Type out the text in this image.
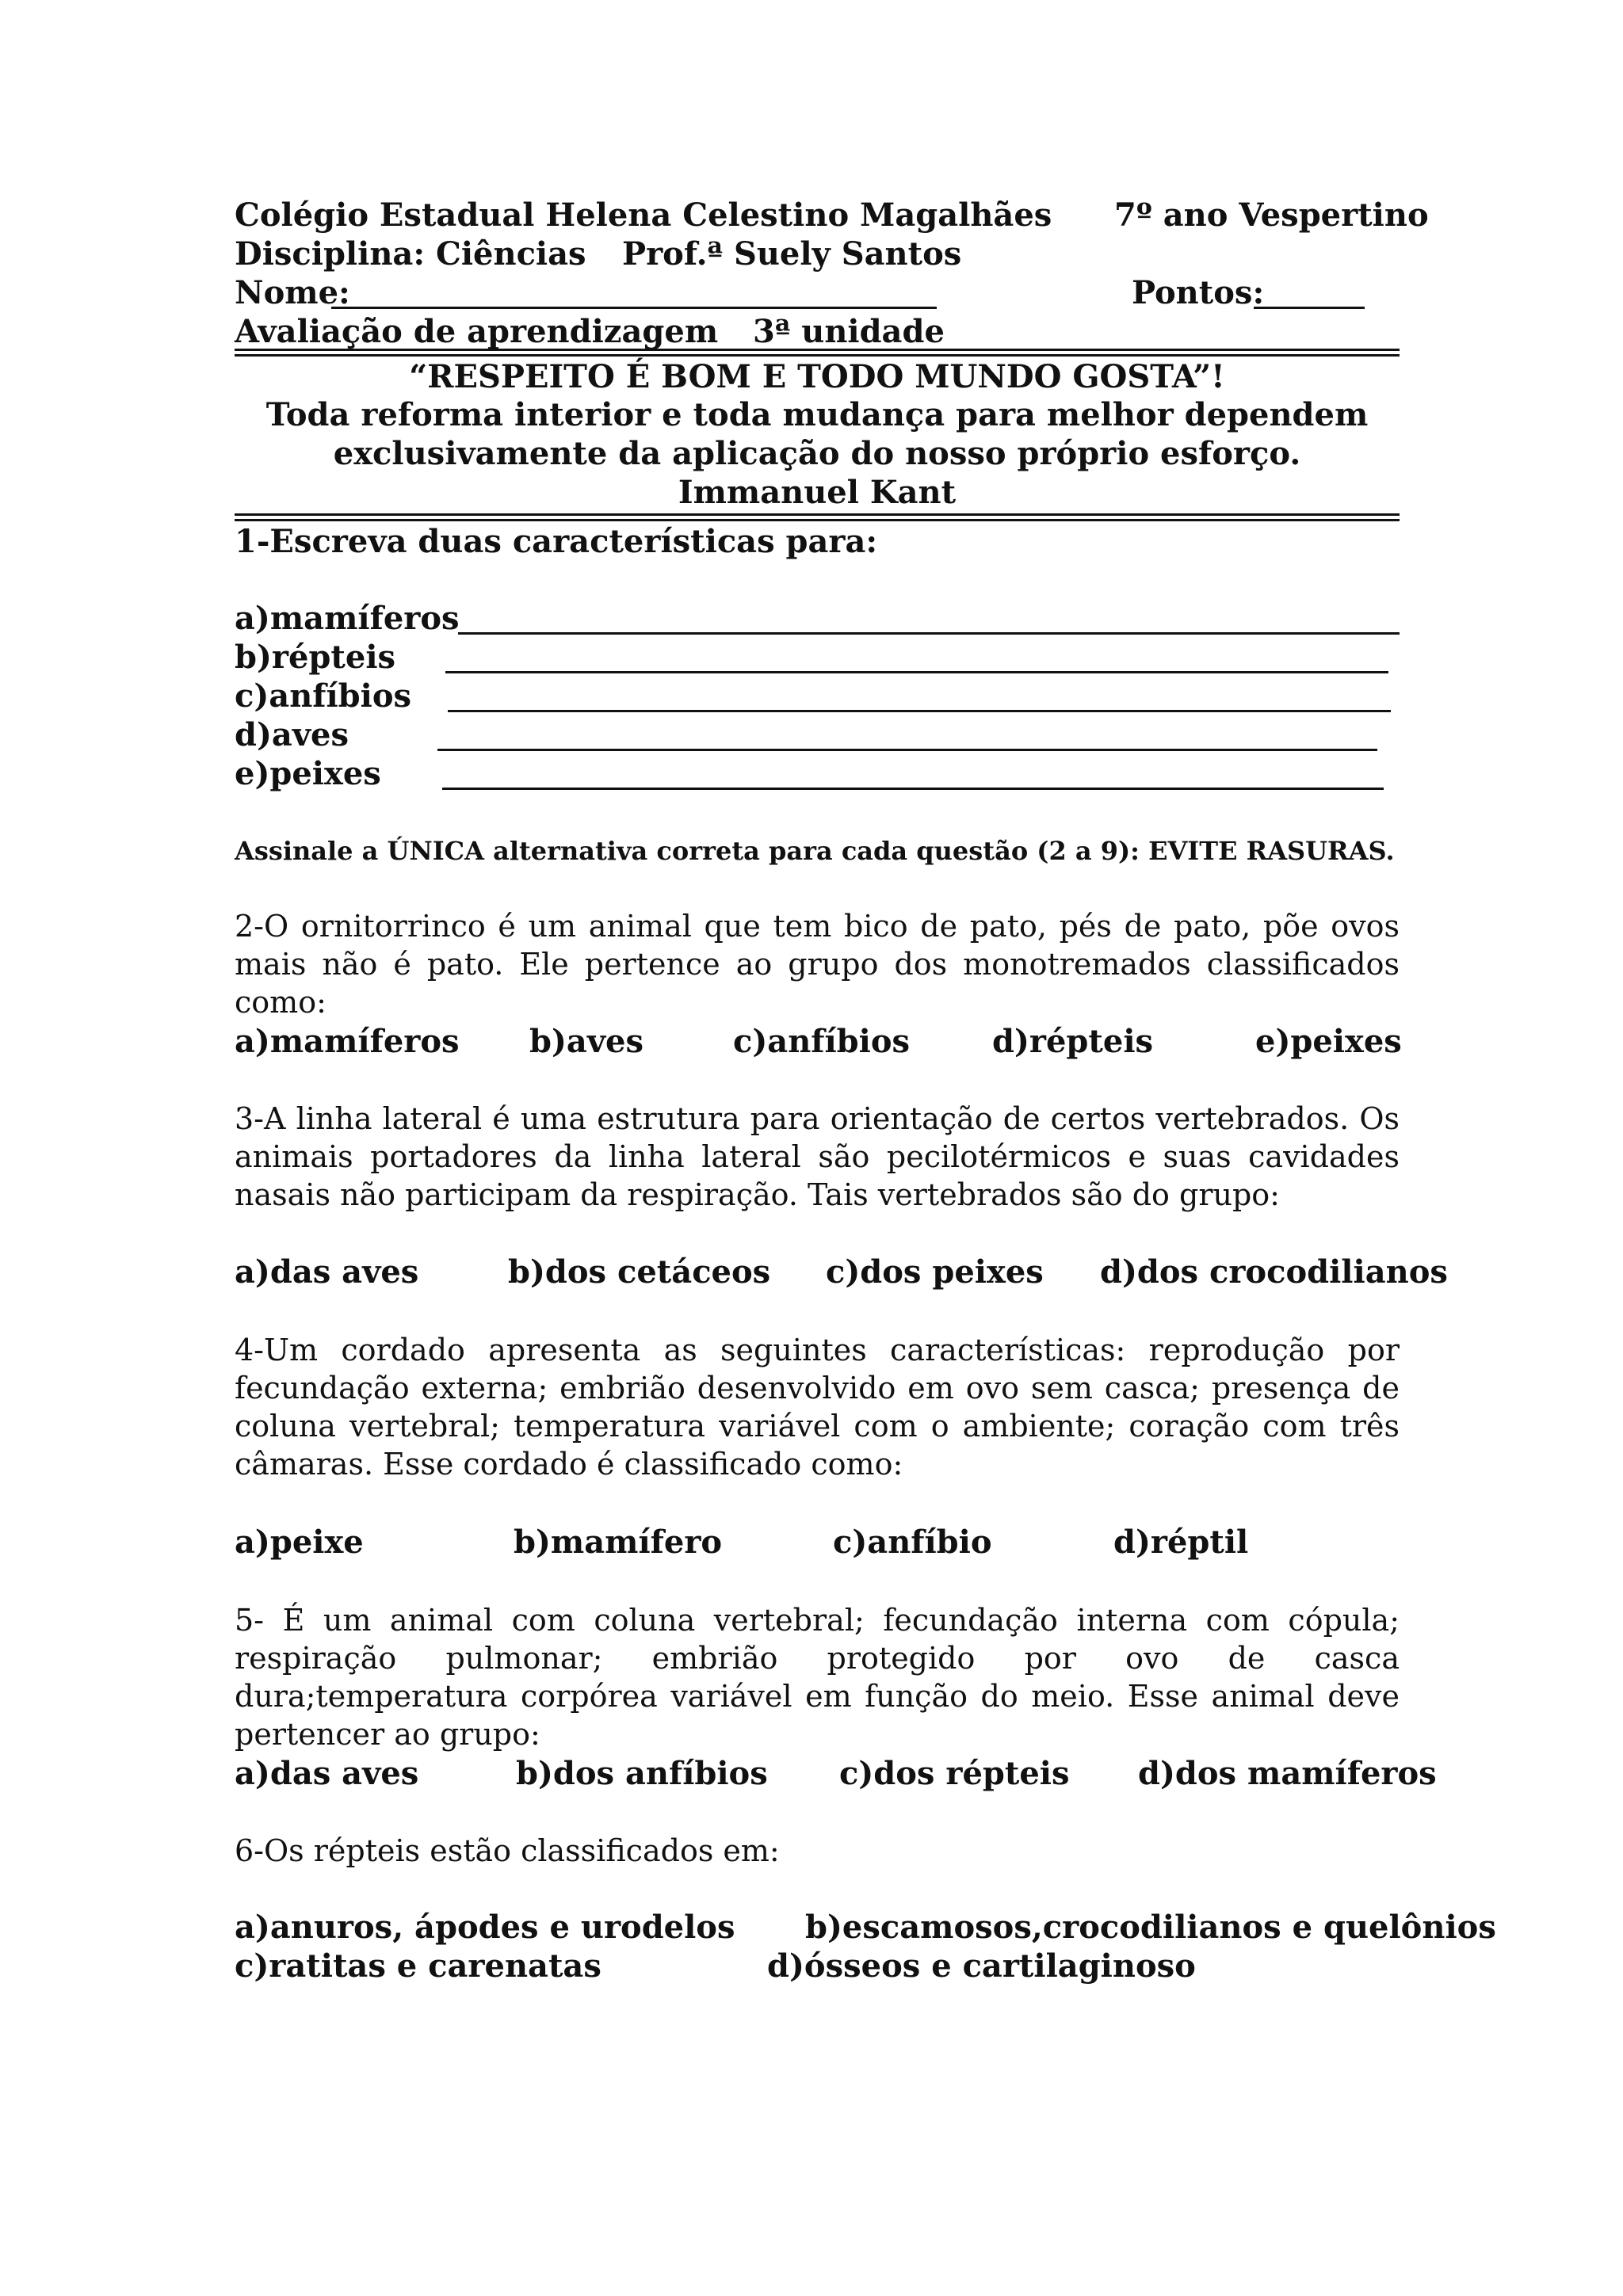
Colégio Estadual Helena Celestino Magalhães 7º ano Vespertino
Disciplina: Ciências Prof.ª Suely Santos
Nome:	Pontos:
Avaliação de aprendizagem 3ª unidade
“RESPEITO É BOM E TODO MUNDO GOSTA”!
Toda reforma interior e toda mudança para melhor dependem
exclusivamente da aplicação do nosso próprio esforço.
Immanuel Kant
1-Escreva duas características para:
a)mamíferos
b)répteis
c)anfíbios
d)aves
e)peixes
Assinale a ÚNICA alternativa correta para cada questão (2 a 9): EVITE RASURAS.
2-O ornitorrinco é um animal que tem bico de pato, pés de pato, põe ovos mais não é pato. Ele pertence ao grupo dos monotremados classificados como:
a)mamíferos b)aves	c)anfíbios	d)répteis	e)peixes
3-A linha lateral é uma estrutura para orientação de certos vertebrados. Os animais portadores da linha lateral são pecilotérmicos e suas cavidades nasais não participam da respiração. Tais vertebrados são do grupo:
a)das aves	b)dos cetáceos c)dos peixes d)dos crocodilianos
4-Um cordado apresenta as seguintes características: reprodução por fecundação externa; embrião desenvolvido em ovo sem casca; presença de coluna vertebral; temperatura variável com o ambiente; coração com três câmaras. Esse cordado é classificado como:
a)peixe	b)mamífero	c)anfíbio	d)réptil
5- É um animal com coluna vertebral; fecundação interna com cópula; respiração pulmonar; embrião protegido por ovo de casca dura;temperatura corpórea variável em função do meio. Esse animal deve pertencer ao grupo:
a)das aves	b)dos anfíbios c)dos répteis d)dos mamíferos
6-Os répteis estão classificados em:
a)anuros, ápodes e urodelos b)escamosos,crocodilianos e quelônios
c)ratitas e carenatas	d)ósseos e cartilaginoso
